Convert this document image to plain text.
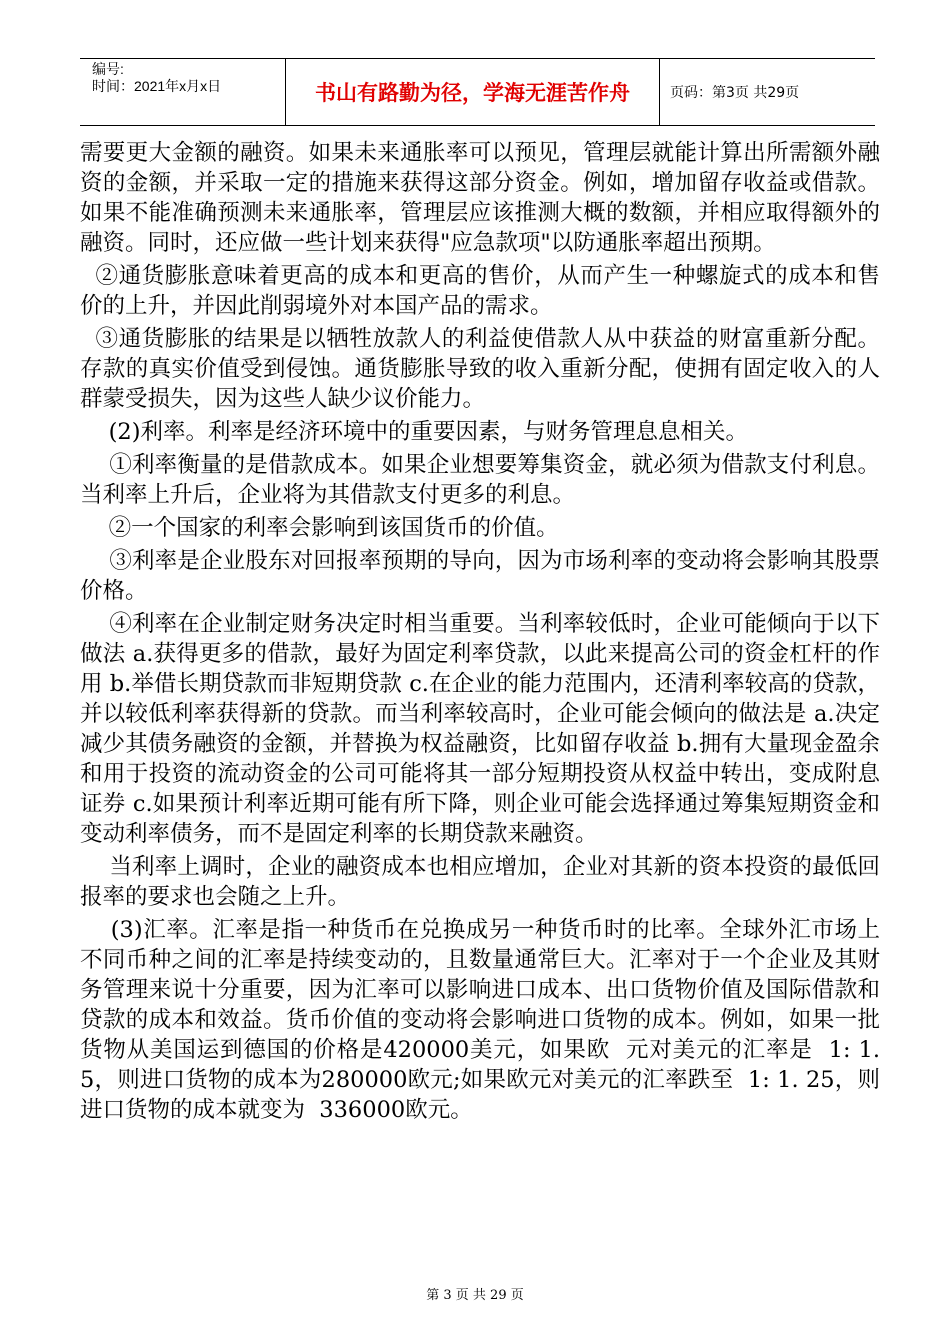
编号:
时间：2021年x月x日	书山有路勤为径，学海无涯苦作舟	页码：第3页 共29页

需要更大金额的融资。如果未来通胀率可以预见，管理层就能计算出所需额外融资的金额，并采取一定的措施来获得这部分资金。例如，增加留存收益或借款。如果不能准确预测未来通胀率，管理层应该推测大概的数额，并相应取得额外的融资。同时，还应做一些计划来获得"应急款项"以防通胀率超出预期。

②通货膨胀意味着更高的成本和更高的售价，从而产生一种螺旋式的成本和售价的上升，并因此削弱境外对本国产品的需求。

③通货膨胀的结果是以牺牲放款人的利益使借款人从中获益的财富重新分配。存款的真实价值受到侵蚀。通货膨胀导致的收入重新分配，使拥有固定收入的人群蒙受损失，因为这些人缺少议价能力。

(2)利率。利率是经济环境中的重要因素，与财务管理息息相关。

①利率衡量的是借款成本。如果企业想要筹集资金，就必须为借款支付利息。当利率上升后，企业将为其借款支付更多的利息。

②一个国家的利率会影响到该国货币的价值。

③利率是企业股东对回报率预期的导向，因为市场利率的变动将会影响其股票价格。

④利率在企业制定财务决定时相当重要。当利率较低时，企业可能倾向于以下做法 a.获得更多的借款，最好为固定利率贷款，以此来提高公司的资金杠杆的作用 b.举借长期贷款而非短期贷款 c.在企业的能力范围内，还清利率较高的贷款，并以较低利率获得新的贷款。而当利率较高时，企业可能会倾向的做法是 a.决定减少其债务融资的金额，并替换为权益融资，比如留存收益 b.拥有大量现金盈余和用于投资的流动资金的公司可能将其一部分短期投资从权益中转出，变成附息证券 c.如果预计利率近期可能有所下降，则企业可能会选择通过筹集短期资金和变动利率债务，而不是固定利率的长期贷款来融资。

当利率上调时，企业的融资成本也相应增加，企业对其新的资本投资的最低回报率的要求也会随之上升。

(3)汇率。汇率是指一种货币在兑换成另一种货币时的比率。全球外汇市场上不同币种之间的汇率是持续变动的，且数量通常巨大。汇率对于一个企业及其财务管理来说十分重要，因为汇率可以影响进口成本、出口货物价值及国际借款和贷款的成本和效益。货币价值的变动将会影响进口货物的成本。例如，如果一批货物从美国运到德国的价格是420000美元，如果欧  元对美元的汇率是  1: 1. 5，则进口货物的成本为280000欧元;如果欧元对美元的汇率跌至  1: 1. 25，则进口货物的成本就变为  336000欧元。

第 3 页 共 29 页
